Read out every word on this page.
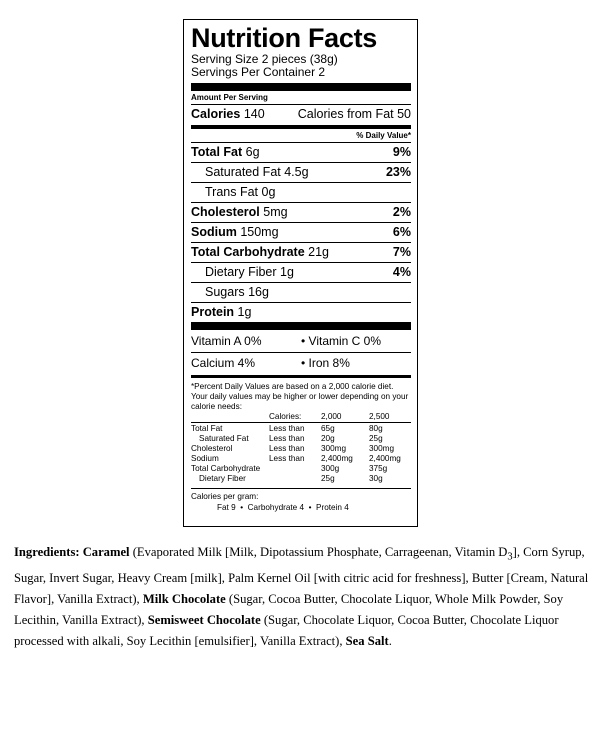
Nutrition Facts
Serving Size 2 pieces (38g)
Servings Per Container 2
Amount Per Serving
Calories 140	Calories from Fat 50
% Daily Value*
Total Fat 6g	9%
Saturated Fat 4.5g	23%
Trans Fat 0g
Cholesterol 5mg	2%
Sodium 150mg	6%
Total Carbohydrate 21g	7%
Dietary Fiber 1g	4%
Sugars 16g
Protein 1g
Vitamin A 0%	• Vitamin C 0%
Calcium 4%	• Iron 8%
*Percent Daily Values are based on a 2,000 calorie diet. Your daily values may be higher or lower depending on your calorie needs:
	Calories:	2,000	2,500

Total Fat	Less than	65g	80g
Saturated Fat	Less than	20g	25g
Cholesterol	Less than	300mg	300mg
Sodium	Less than	2,400mg	2,400mg
Total Carbohydrate		300g	375g
Dietary Fiber		25g	30g
Calories per gram:
Fat 9  •  Carbohydrate 4  •  Protein 4
Ingredients: Caramel (Evaporated Milk [Milk, Dipotassium Phosphate, Carrageenan, Vitamin $D_3$], Corn Syrup, Sugar, Invert Sugar, Heavy Cream [milk], Palm Kernel Oil [with citric acid for freshness], Butter [Cream, Natural Flavor], Vanilla Extract), Milk Chocolate (Sugar, Cocoa Butter, Chocolate Liquor, Whole Milk Powder, Soy Lecithin, Vanilla Extract), Semisweet Chocolate (Sugar, Chocolate Liquor, Cocoa Butter, Chocolate Liquor processed with alkali, Soy Lecithin [emulsifier], Vanilla Extract), Sea Salt.
